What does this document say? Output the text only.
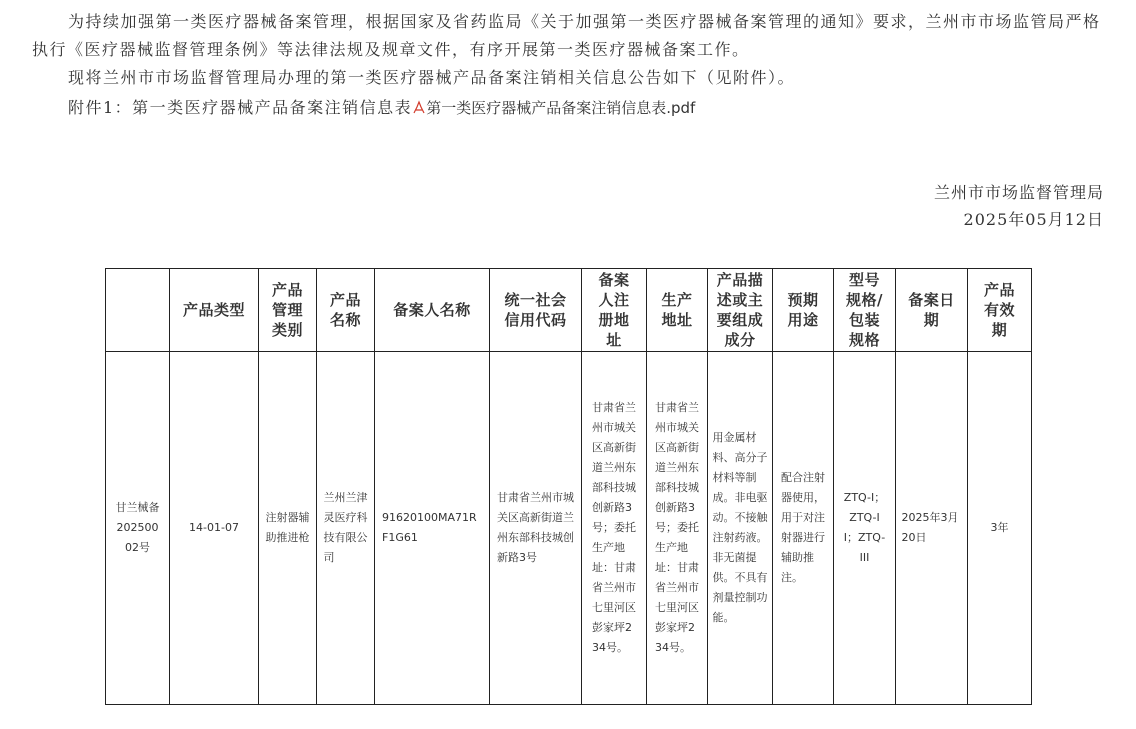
为持续加强第一类医疗器械备案管理，根据国家及省药监局《关于加强第一类医疗器械备案管理的通知》要求，兰州市市场监管局严格执行《医疗器械监督管理条例》等法律法规及规章文件，有序开展第一类医疗器械备案工作。
现将兰州市市场监督管理局办理的第一类医疗器械产品备案注销相关信息公告如下（见附件）。
附件1：第一类医疗器械产品备案注销信息表 第一类医疗器械产品备案注销信息表.pdf
兰州市市场监督管理局
2025年05月12日
	产品类型	产品管理类别	产品名称	备案人名称	统一社会信用代码	备案人注册地址	生产地址	产品描述或主要组成成分	预期用途	型号规格/包装规格	备案日期	产品有效期
甘兰械备20250002号	14-01-07	注射器辅助推进枪	兰州兰津灵医疗科技有限公司	91620100MA71RF1G61	甘肃省兰州市城关区高新街道兰州东部科技城创新路3号	甘肃省兰州市城关区高新街道兰州东部科技城创新路3号；委托生产地址：甘肃省兰州市七里河区彭家坪234号。	甘肃省兰州市城关区高新街道兰州东部科技城创新路3号；委托生产地址：甘肃省兰州市七里河区彭家坪234号。	用金属材料、高分子材料等制成。非电驱动。不接触注射药液。非无菌提供。不具有剂量控制功能。	配合注射器使用，用于对注射器进行辅助推注。	ZTQ-I；ZTQ-II；ZTQ-III	2025年3月20日	3年
